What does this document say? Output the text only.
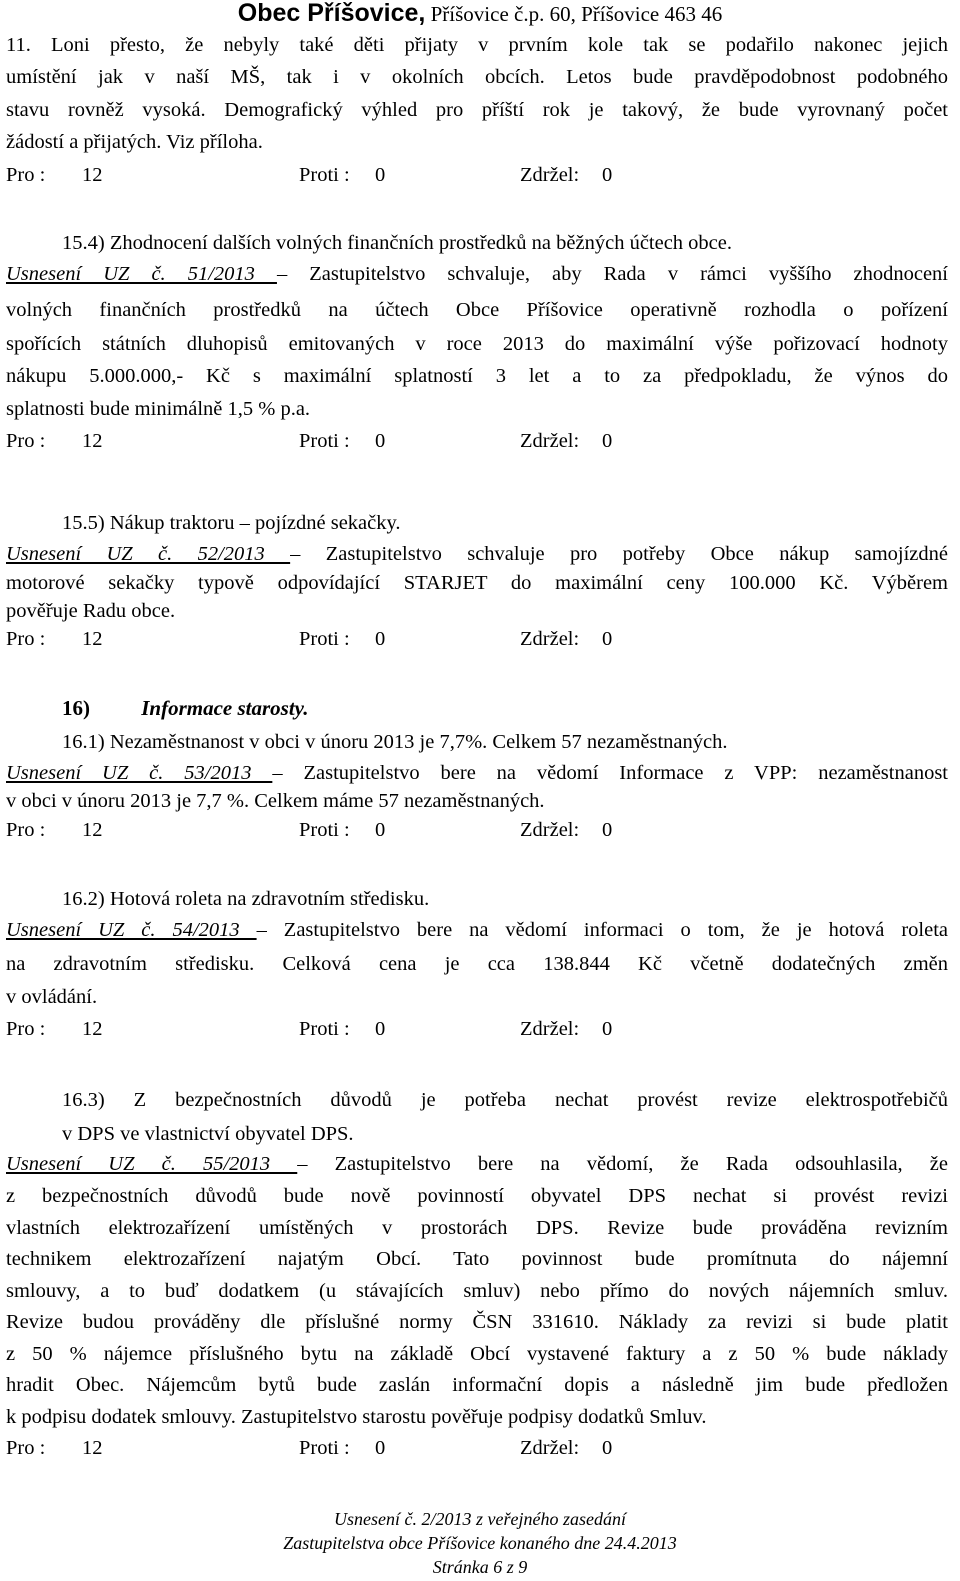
Obec Příšovice, Příšovice č.p. 60, Příšovice 463 46
11. Loni přesto, že nebyly také děti přijaty v prvním kole tak se podařilo nakonec jejich
umístění jak v naší MŠ, tak i v okolních obcích. Letos bude pravděpodobnost podobného
stavu rovněž vysoká. Demografický výhled pro příští rok je takový, že bude vyrovnaný počet
žádostí a přijatých. Viz příloha.
Pro : 12	Proti : 0	Zdržel: 0
15.4) Zhodnocení dalších volných finančních prostředků na běžných účtech obce.
Usnesení UZ č. 51/2013 – Zastupitelstvo schvaluje, aby Rada v rámci vyššího zhodnocení
volných finančních prostředků na účtech Obce Příšovice operativně rozhodla o pořízení
spořících státních dluhopisů emitovaných v roce 2013 do maximální výše pořizovací hodnoty
nákupu 5.000.000,- Kč s maximální splatností 3 let a to za předpokladu, že výnos do
splatnosti bude minimálně 1,5 % p.a.
Pro : 12	Proti : 0	Zdržel: 0
15.5) Nákup traktoru – pojízdné sekačky.
Usnesení UZ č. 52/2013 – Zastupitelstvo schvaluje pro potřeby Obce nákup samojízdné
motorové sekačky typově odpovídající STARJET do maximální ceny 100.000 Kč. Výběrem
pověřuje Radu obce.
Pro : 12	Proti : 0	Zdržel: 0
16) Informace starosty.
16.1) Nezaměstnanost v obci v únoru 2013 je 7,7%. Celkem 57 nezaměstnaných.
Usnesení UZ č. 53/2013 – Zastupitelstvo bere na vědomí Informace z VPP: nezaměstnanost
v obci v únoru 2013 je 7,7 %. Celkem máme 57 nezaměstnaných.
Pro : 12	Proti : 0	Zdržel: 0
16.2) Hotová roleta na zdravotním středisku.
Usnesení UZ č. 54/2013 – Zastupitelstvo bere na vědomí informaci o tom, že je hotová roleta
na zdravotním středisku. Celková cena je cca 138.844 Kč včetně dodatečných změn
v ovládání.
Pro : 12	Proti : 0	Zdržel: 0
16.3) Z bezpečnostních důvodů je potřeba nechat provést revize elektrospotřebičů
v DPS ve vlastnictví obyvatel DPS.
Usnesení UZ č. 55/2013 – Zastupitelstvo bere na vědomí, že Rada odsouhlasila, že
z bezpečnostních důvodů bude nově povinností obyvatel DPS nechat si provést revizi
vlastních elektrozařízení umístěných v prostorách DPS. Revize bude prováděna revizním
technikem elektrozařízení najatým Obcí. Tato povinnost bude promítnuta do nájemní
smlouvy, a to buď dodatkem (u stávajících smluv) nebo přímo do nových nájemních smluv.
Revize budou prováděny dle příslušné normy ČSN 331610. Náklady za revizi si bude platit
z 50 % nájemce příslušného bytu na základě Obcí vystavené faktury a z 50 % bude náklady
hradit Obec. Nájemcům bytů bude zaslán informační dopis a následně jim bude předložen
k podpisu dodatek smlouvy. Zastupitelstvo starostu pověřuje podpisy dodatků Smluv.
Pro : 12	Proti : 0	Zdržel: 0
Usnesení č. 2/2013 z veřejného zasedání
Zastupitelstva obce Příšovice konaného dne 24.4.2013
Stránka 6 z 9
